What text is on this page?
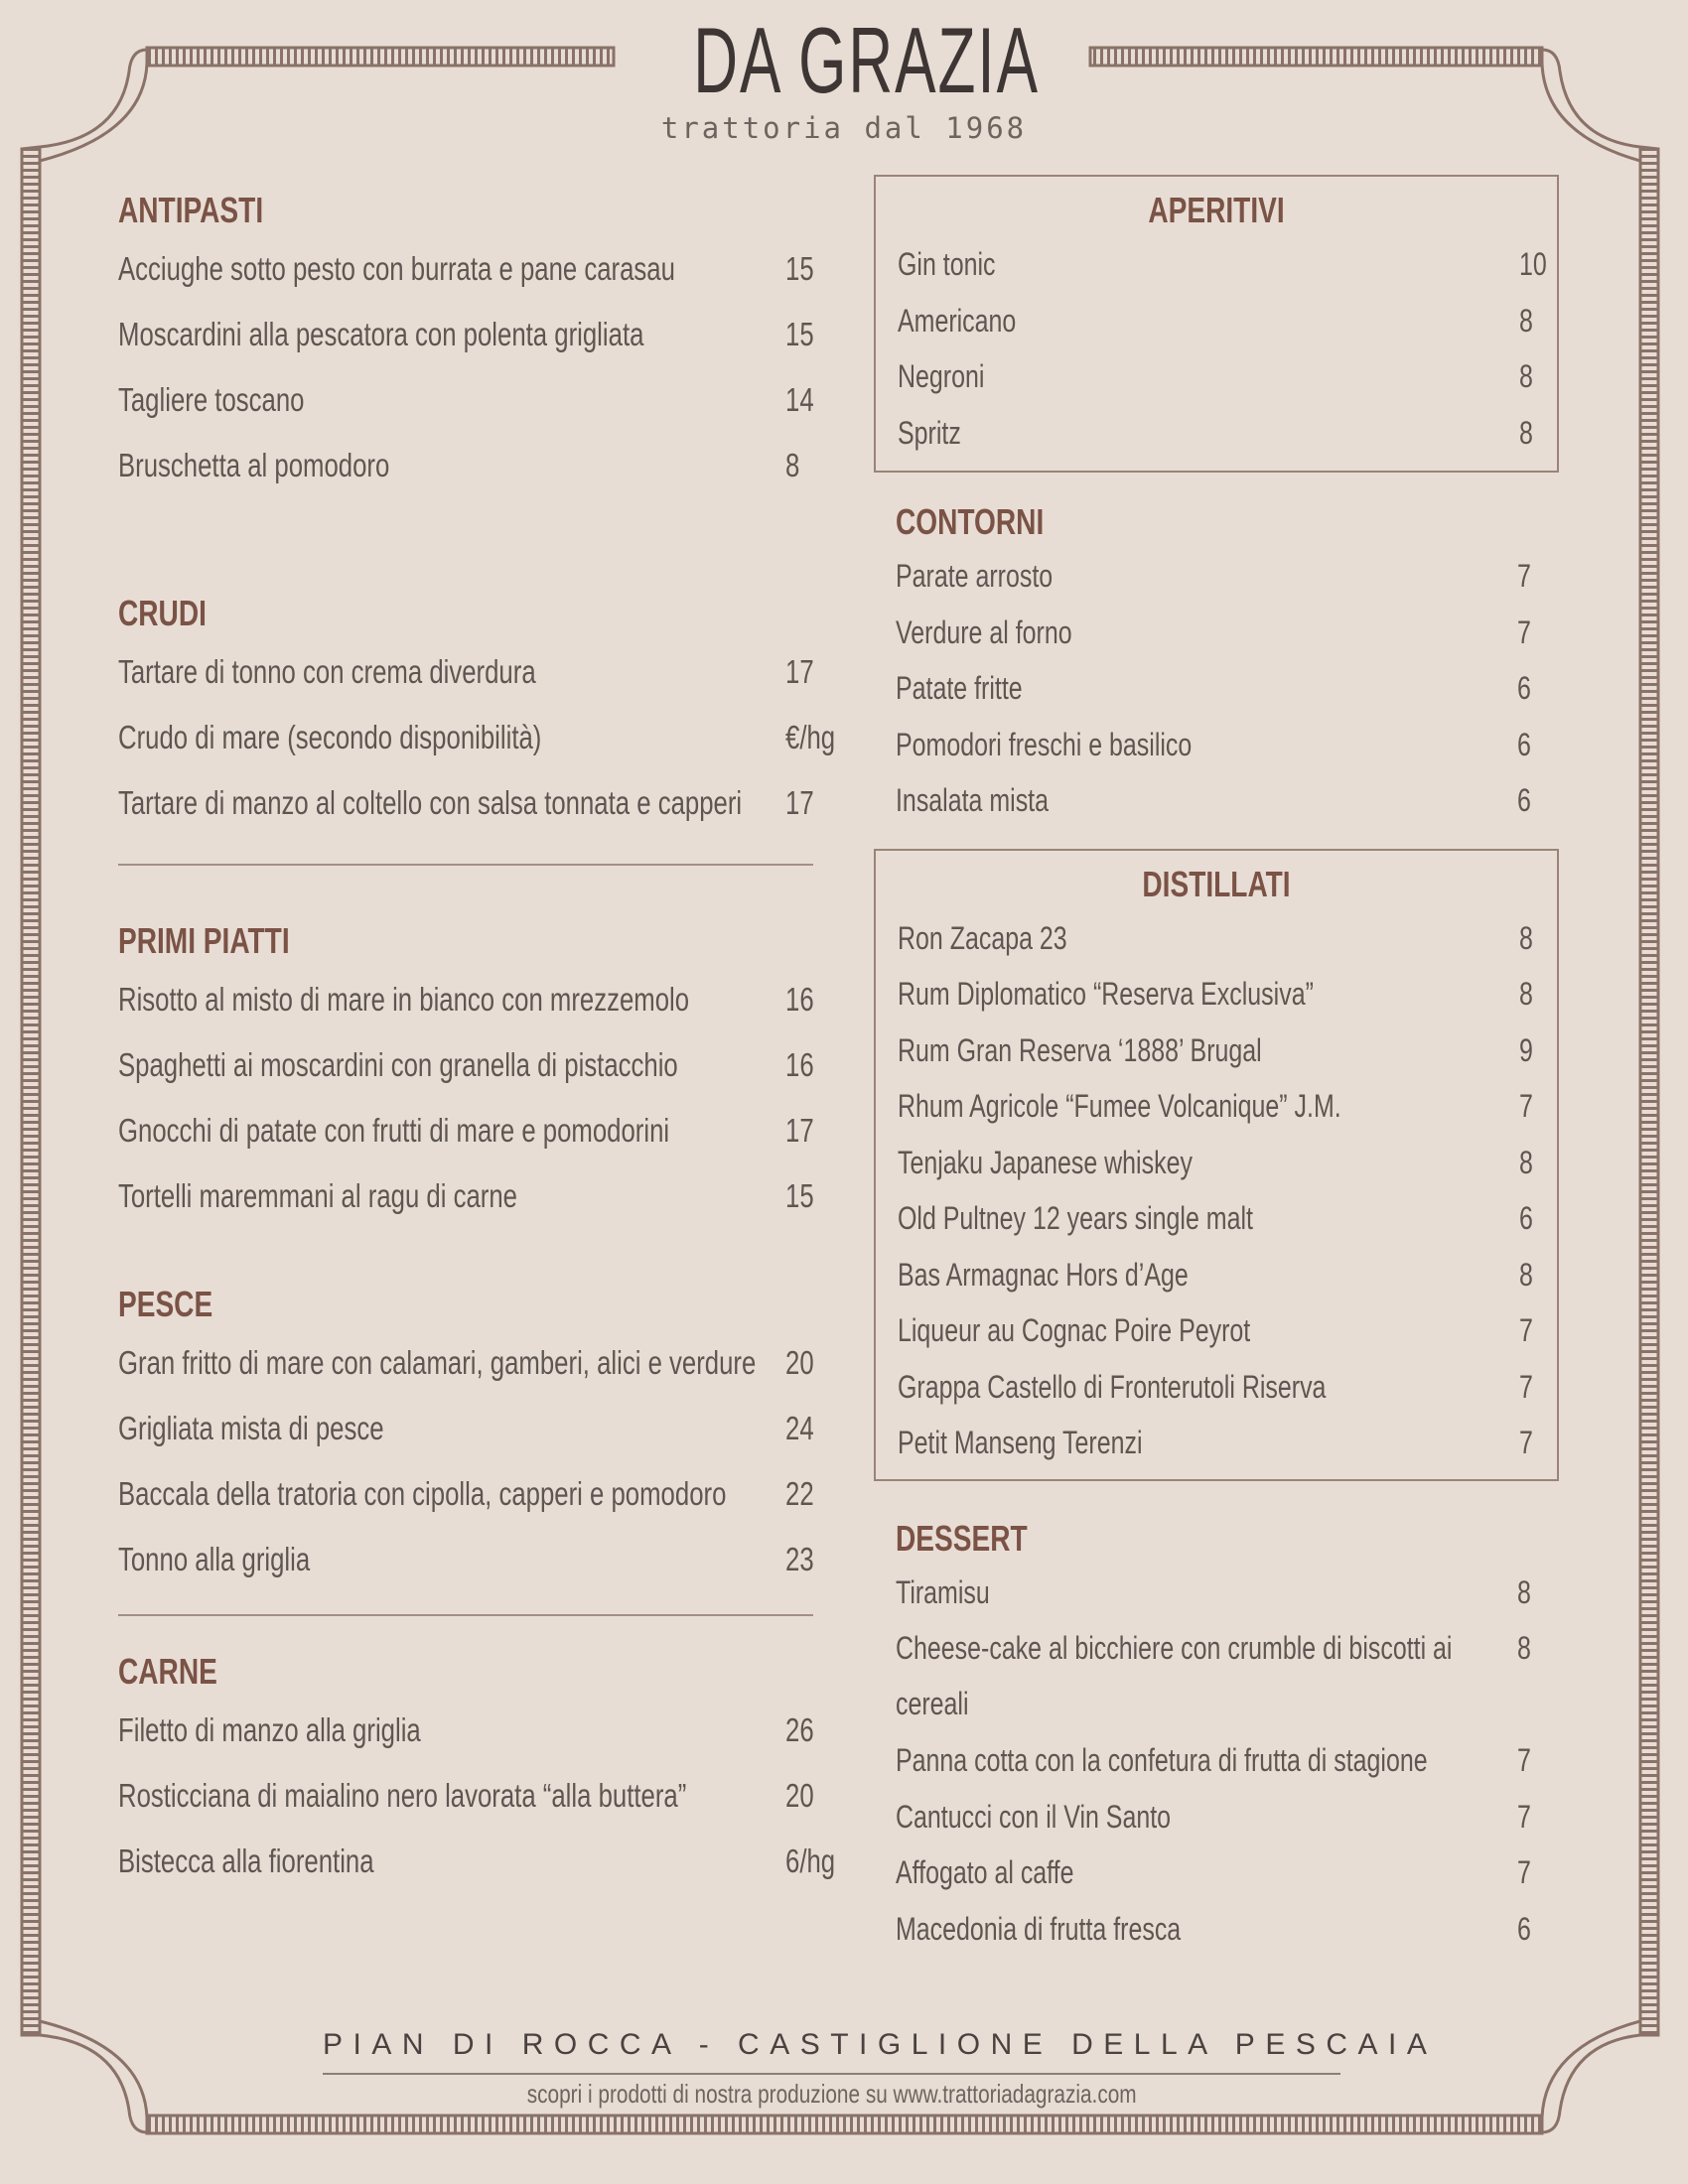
DA GRAZIA
trattoria dal 1968
ANTIPASTI
Acciughe sotto pesto con burrata e pane carasau	15
Moscardini alla pescatora con polenta grigliata	15
Tagliere toscano	14
Bruschetta al pomodoro	8
CRUDI
Tartare di tonno con crema diverdura	17
Crudo di mare (secondo disponibilità)	€/hg
Tartare di manzo al coltello con salsa tonnata e capperi 17
PRIMI PIATTI
Risotto al misto di mare in bianco con mrezzemolo	16
Spaghetti ai moscardini con granella di pistacchio	16
Gnocchi di patate con frutti di mare e pomodorini	17
Tortelli maremmani al ragu di carne	15
PESCE
Gran fritto di mare con calamari, gamberi, alici e verdure 20
Grigliata mista di pesce	24
Baccala della tratoria con cipolla, capperi e pomodoro 22
Tonno alla griglia	23
CARNE
Filetto di manzo alla griglia	26
Rosticciana di maialino nero lavorata “alla buttera”	20
Bistecca alla fiorentina	6/hg
APERITIVI
Gin tonic	10
Americano	8
Negroni	8
Spritz	8
CONTORNI
Parate arrosto	7
Verdure al forno	7
Patate fritte	6
Pomodori freschi e basilico	6
Insalata mista	6
DISTILLATI
Ron Zacapa 23	8
Rum Diplomatico “Reserva Exclusiva”	8
Rum Gran Reserva ‘1888’ Brugal	9
Rhum Agricole “Fumee Volcanique” J.M.	7
Tenjaku Japanese whiskey	8
Old Pultney 12 years single malt	6
Bas Armagnac Hors d’Age	8
Liqueur au Cognac Poire Peyrot	7
Grappa Castello di Fronterutoli Riserva	7
Petit Manseng Terenzi	7
DESSERT
Tiramisu	8
Cheese-cake al bicchiere con crumble di biscotti ai cereali
8
Panna cotta con la confetura di frutta di stagione	7
Cantucci con il Vin Santo	7
Affogato al caffe	7
Macedonia di frutta fresca	6
PIAN DI ROCCA - CASTIGLIONE DELLA PESCAIA
scopri i prodotti di nostra produzione su www.trattoriadagrazia.com
